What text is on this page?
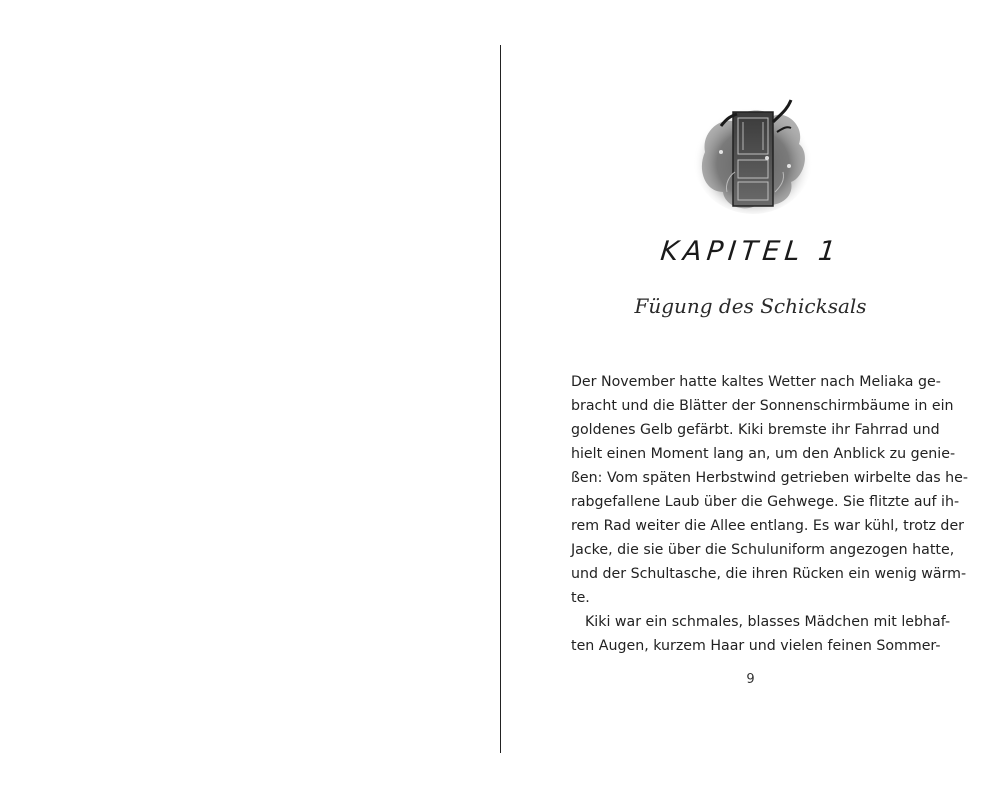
KAPITEL 1
Fügung des Schicksals
Der November hatte kaltes Wetter nach Meliaka ge-
bracht und die Blätter der Sonnenschirmbäume in ein
goldenes Gelb gefärbt. Kiki bremste ihr Fahrrad und
hielt einen Moment lang an, um den Anblick zu genie-
ßen: Vom späten Herbstwind getrieben wirbelte das he-
rabgefallene Laub über die Gehwege. Sie flitzte auf ih-
rem Rad weiter die Allee entlang. Es war kühl, trotz der
Jacke, die sie über die Schuluniform angezogen hatte,
und der Schultasche, die ihren Rücken ein wenig wärm-
te.
Kiki war ein schmales, blasses Mädchen mit lebhaf-
ten Augen, kurzem Haar und vielen feinen Sommer-
9
